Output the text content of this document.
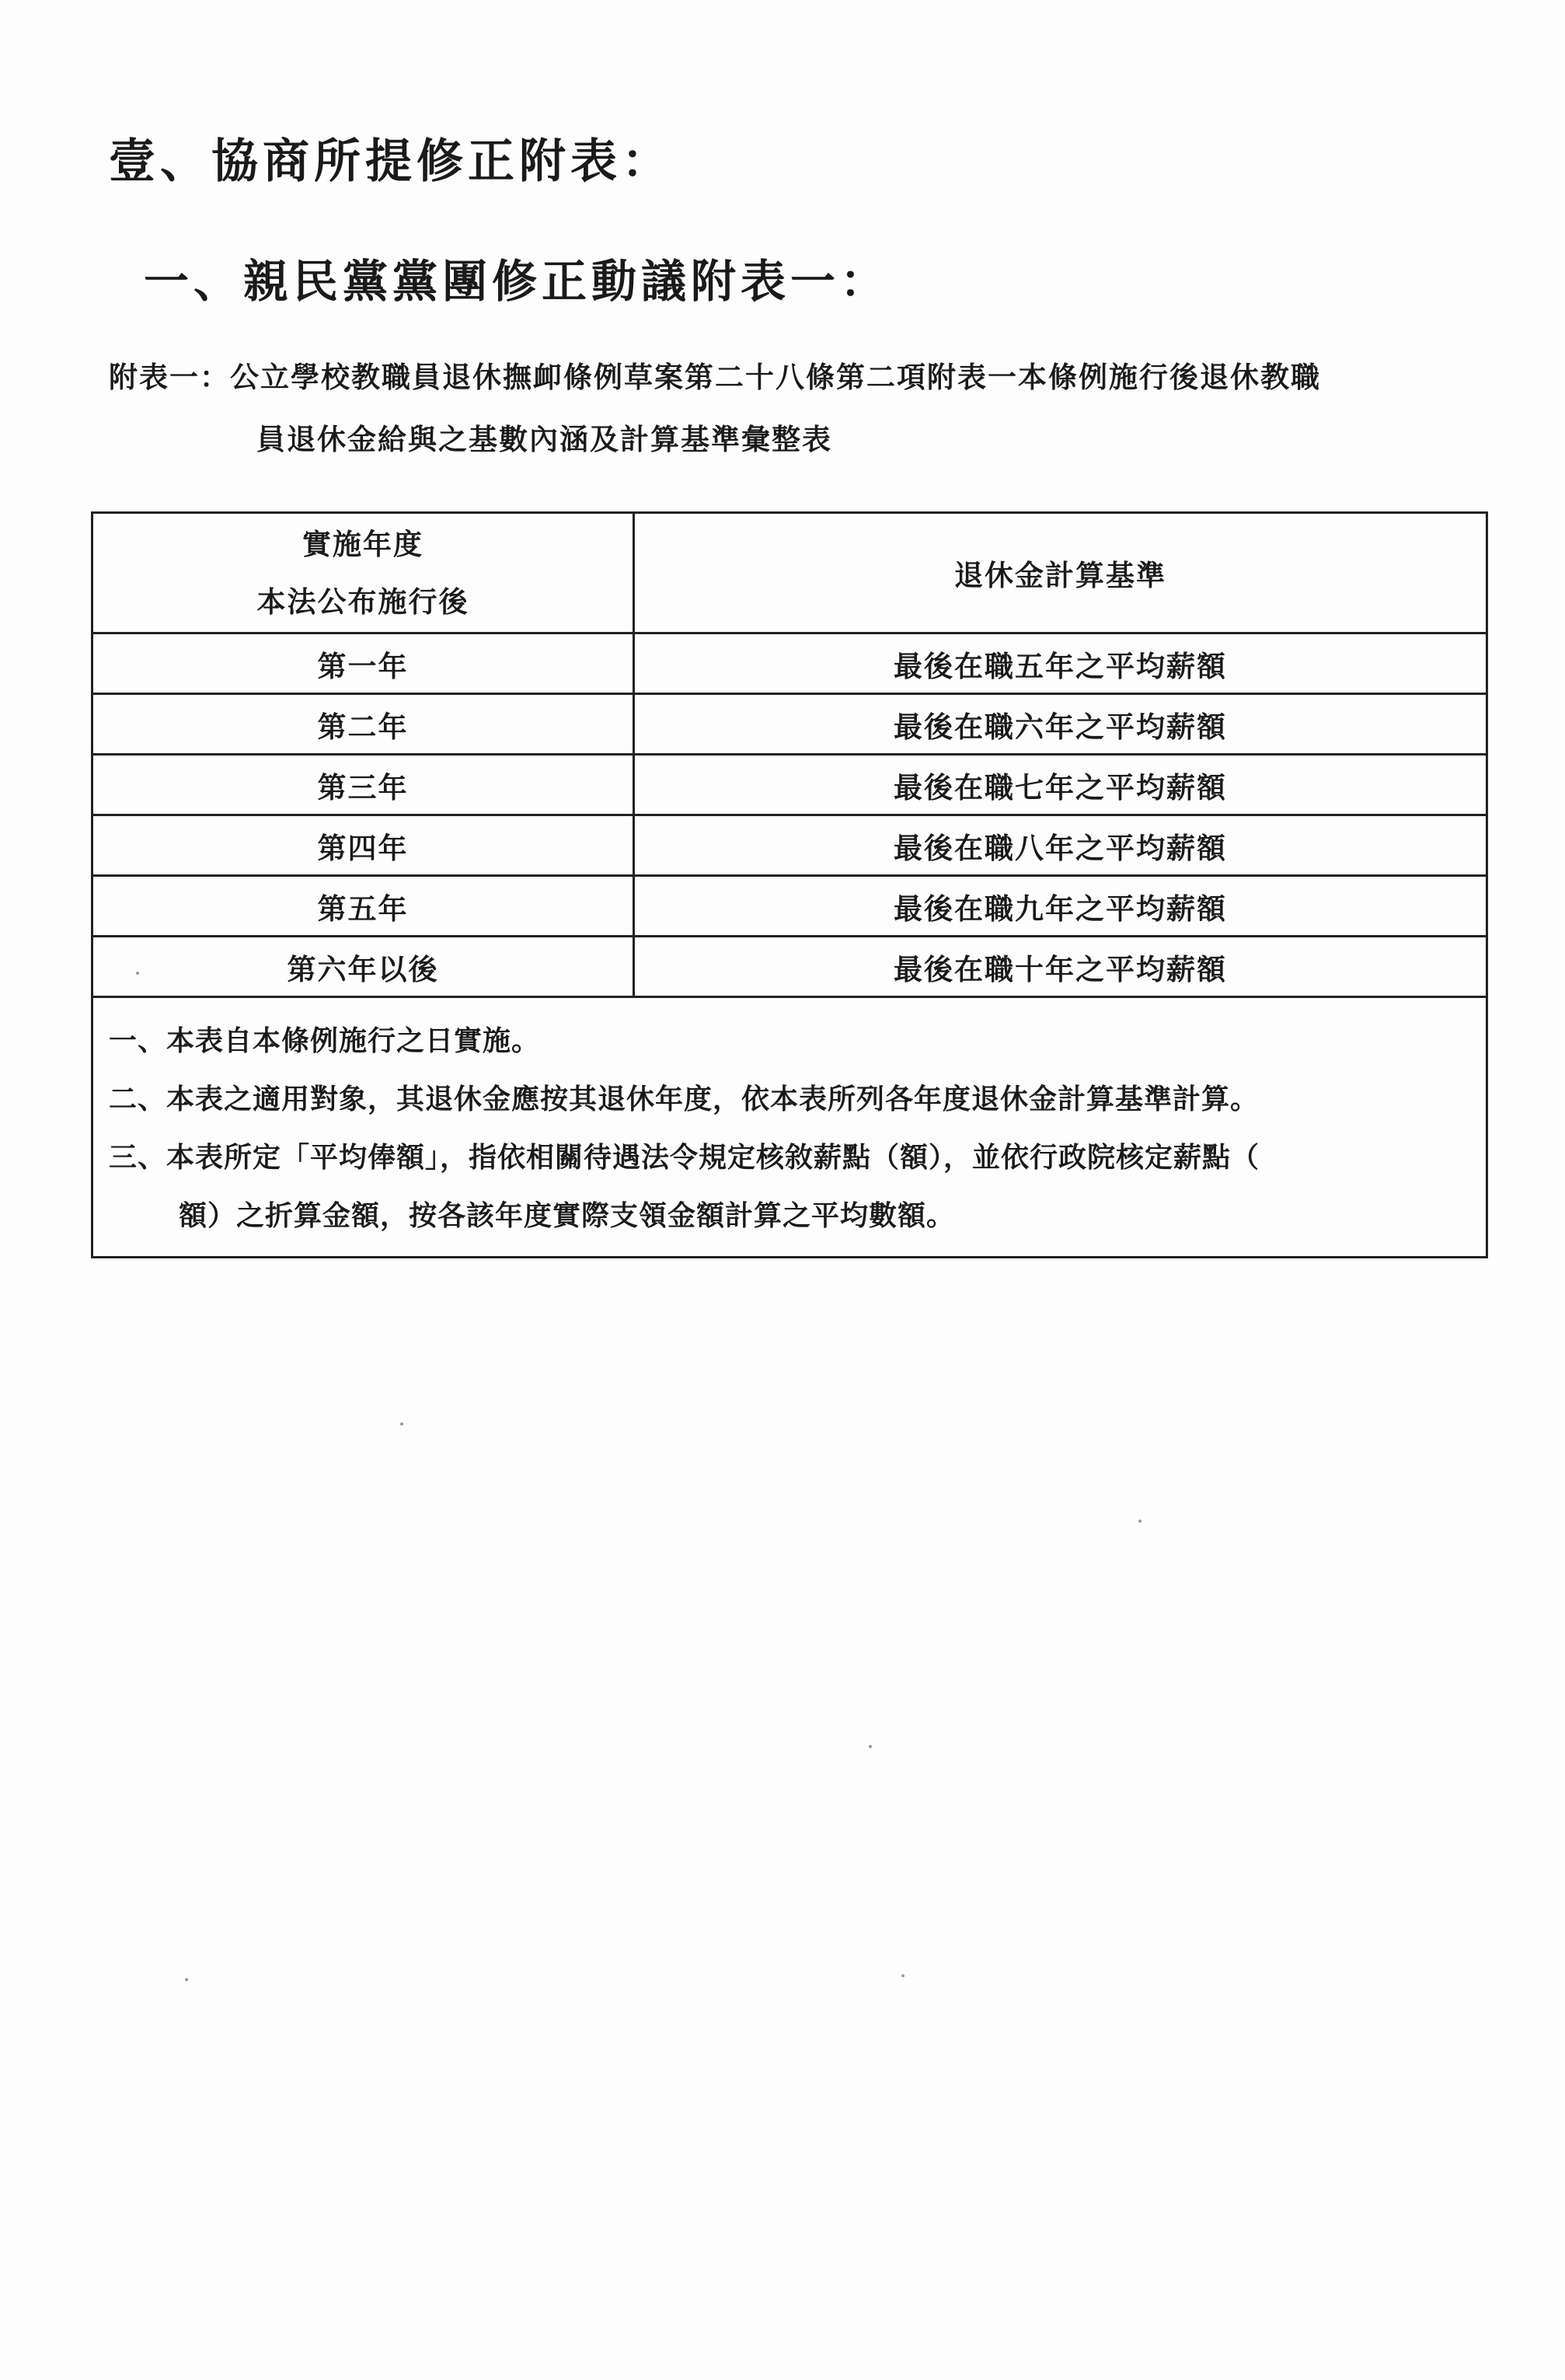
壹、協商所提修正附表：
一、親民黨黨團修正動議附表一：
附表一：公立學校教職員退休撫卹條例草案第二十八條第二項附表一本條例施行後退休教職
員退休金給與之基數內涵及計算基準彙整表
實施年度
本法公布施行後	退休金計算基準
第一年	最後在職五年之平均薪額
第二年	最後在職六年之平均薪額
第三年	最後在職七年之平均薪額
第四年	最後在職八年之平均薪額
第五年	最後在職九年之平均薪額
第六年以後	最後在職十年之平均薪額

一、本表自本條例施行之日實施。
二、本表之適用對象，其退休金應按其退休年度，依本表所列各年度退休金計算基準計算。
三、本表所定「平均俸額」，指依相關待遇法令規定核敘薪點（額），並依行政院核定薪點（
額）之折算金額，按各該年度實際支領金額計算之平均數額。	
